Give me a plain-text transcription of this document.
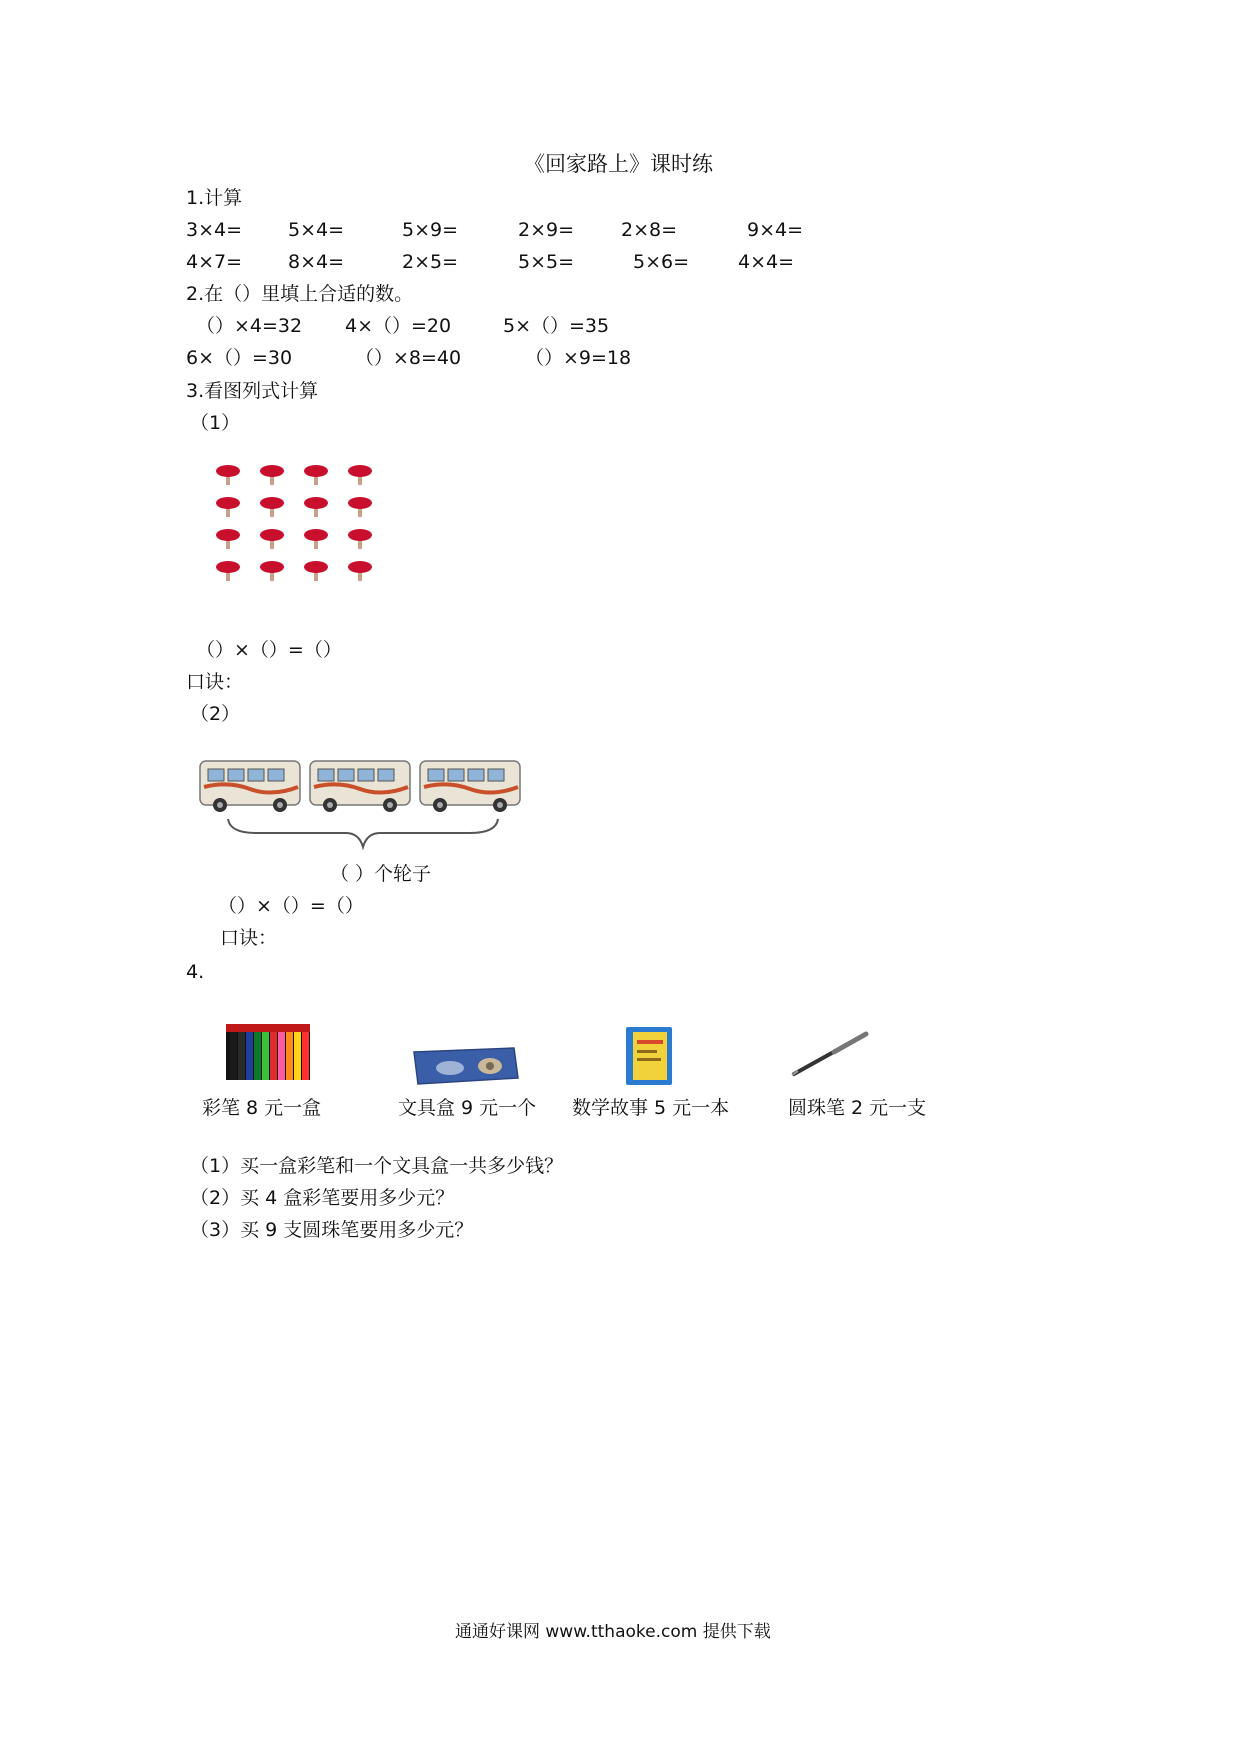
《回家路上》课时练
1.计算
3×4= 5×4=	5×9=	2×9= 2×8=	9×4=
4×7= 8×4=	2×5=	5×5=	5×6=	4×4=
2.在（）里填上合适的数。
（）×4=32 4×（）=20	5×（）=35
6×（）=30	（）×8=40	（）×9=18
3.看图列式计算
（1）
（）×（）=（）
口诀：
（2）
（ ）个轮子
（）×（）=（）
口诀：
4.
彩笔 8 元一盒	文具盒 9 元一个 数学故事 5 元一本	圆珠笔 2 元一支
（1）买一盒彩笔和一个文具盒一共多少钱？
（2）买 4 盒彩笔要用多少元？
（3）买 9 支圆珠笔要用多少元？
通通好课网 www.tthaoke.com 提供下载
